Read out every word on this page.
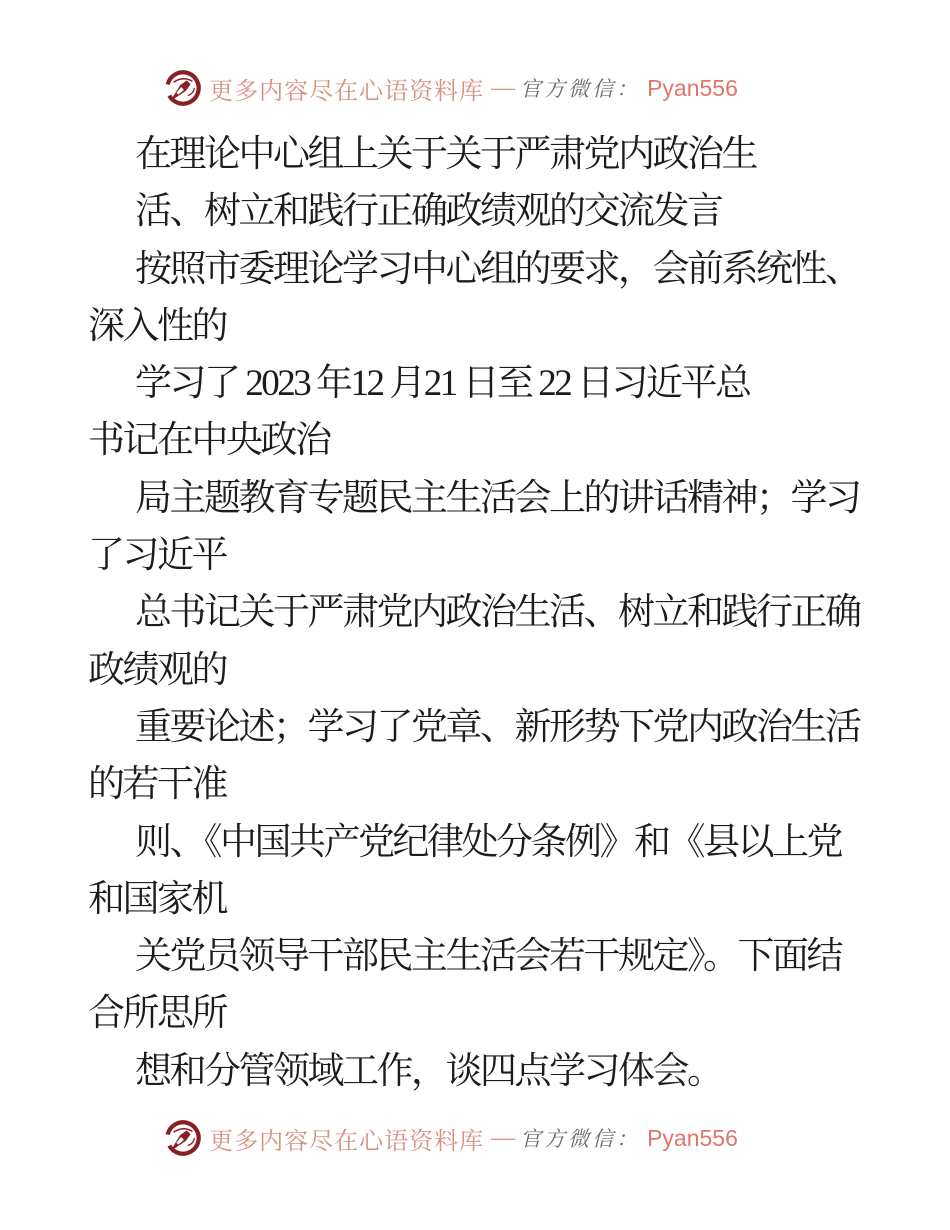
更多内容尽在心语资料库 — 官方微信： Pyan556
在理论中心组上关于关于严肃党内政治生
活、树立和践行正确政绩观的交流发言
按照市委理论学习中心组的要求，会前系统性、
深入性的
学习了 2023 年12 月21 日至 22 日习近平总
书记在中央政治
局主题教育专题民主生活会上的讲话精神；学习
了习近平
总书记关于严肃党内政治生活、树立和践行正确
政绩观的
重要论述；学习了党章、新形势下党内政治生活
的若干准
则、《中国共产党纪律处分条例》和《县以上党
和国家机
关党员领导干部民主生活会若干规定》。下面结
合所思所
想和分管领域工作，谈四点学习体会。
更多内容尽在心语资料库 — 官方微信： Pyan556
